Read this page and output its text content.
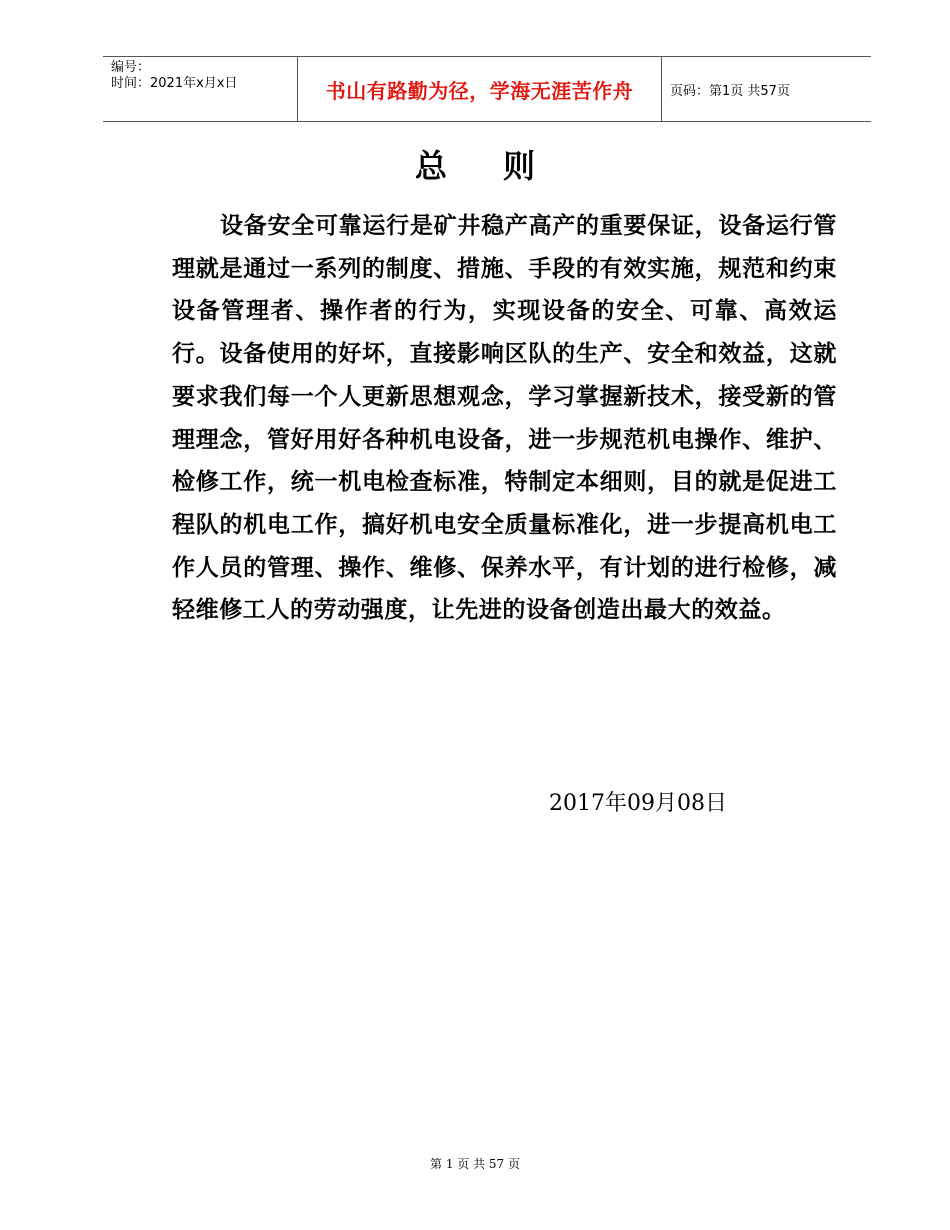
编号：
时间：2021年x月x日	书山有路勤为径，学海无涯苦作舟	页码：第1页 共57页
总则

设备安全可靠运行是矿井稳产高产的重要保证，设备运行管理就是通过一系列的制度、措施、手段的有效实施，规范和约束设备管理者、操作者的行为，实现设备的安全、可靠、高效运行。设备使用的好坏，直接影响区队的生产、安全和效益，这就要求我们每一个人更新思想观念，学习掌握新技术，接受新的管理理念，管好用好各种机电设备，进一步规范机电操作、维护、检修工作，统一机电检查标准，特制定本细则，目的就是促进工程队的机电工作，搞好机电安全质量标准化，进一步提高机电工作人员的管理、操作、维修、保养水平，有计划的进行检修，减轻维修工人的劳动强度，让先进的设备创造出最大的效益。

2017年09月08日
第 1 页 共 57 页
